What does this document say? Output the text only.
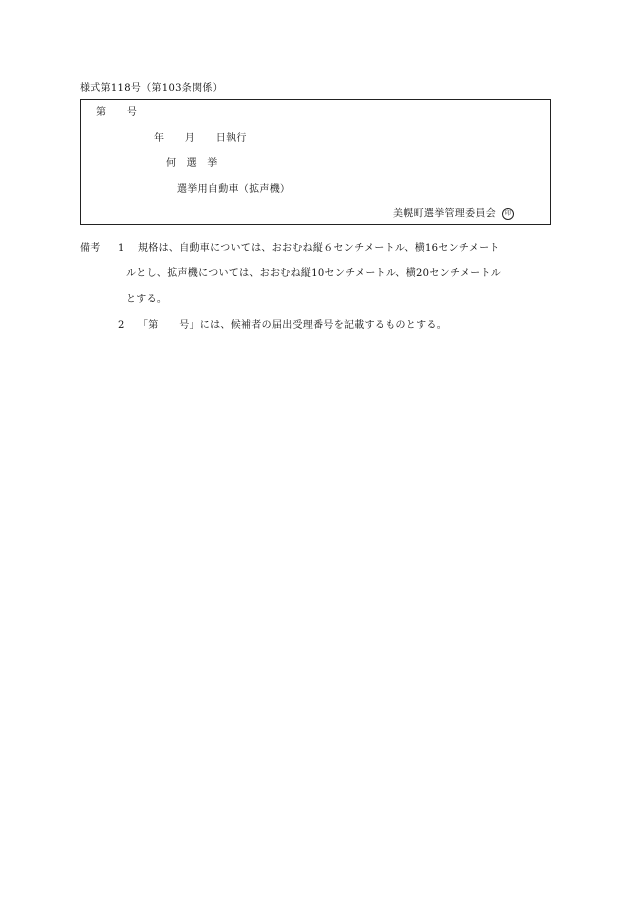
様式第118号（第103条関係）
第　　号
年　　月　　日執行
何　選　挙
選挙用自動車（拡声機）
美幌町選挙管理委員会 印
備考 1 規格は、自動車については、おおむね縦６センチメートル、横16センチメート
ルとし、拡声機については、おおむね縦10センチメートル、横20センチメートル
とする。
2 「第　　号」には、候補者の届出受理番号を記載するものとする。
